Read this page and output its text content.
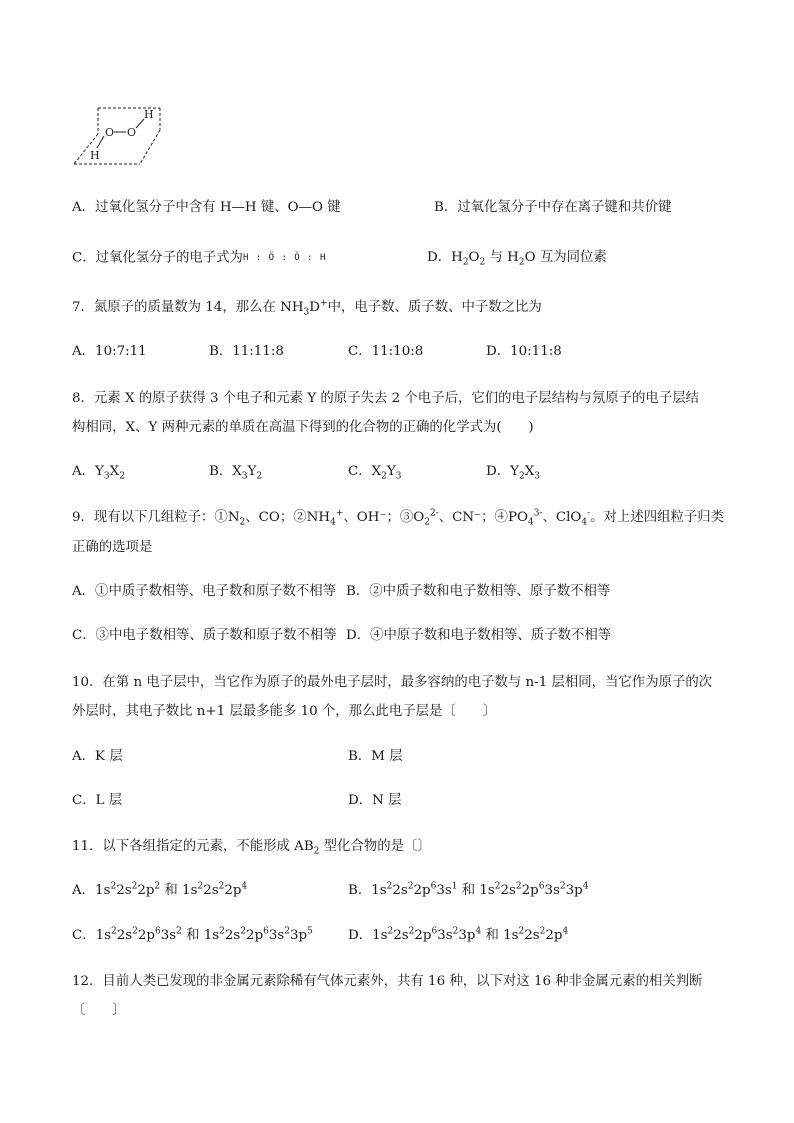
H
O O
H
A．过氧化氢分子中含有 H—H 键、O—O 键	B．过氧化氢分子中存在离子键和共价键
C．过氧化氢分子的电子式为H : Ö : Ö : H	D．$H_2O_2$ 与 $H_2O$ 互为同位素
7．氮原子的质量数为 14，那么在 $NH_3D^+$中，电子数、质子数、中子数之比为
A．10:7:11	B．11:11:8	C．11:10:8	D．10:11:8
8．元素 X 的原子获得 3 个电子和元素 Y 的原子失去 2 个电子后，它们的电子层结构与氖原子的电子层结
构相同，X、Y 两种元素的单质在高温下得到的化合物的正确的化学式为(　　)
A．$Y_3X_2$	B．$X_3Y_2$	C．$X_2Y_3$	D．$Y_2X_3$
9．现有以下几组粒子：$①N_2$、CO；$②NH_4^+$、OH⁻；$③O_2^{2-}$、CN⁻；$④PO_4^{3-}$、ClO$_4$-。对上述四组粒子归类
正确的选项是
A．①中质子数相等、电子数和原子数不相等 B．②中质子数和电子数相等、原子数不相等
C．③中电子数相等、质子数和原子数不相等 D．④中原子数和电子数相等、质子数不相等
10．在第 n 电子层中，当它作为原子的最外电子层时，最多容纳的电子数与 n-1 层相同，当它作为原子的次
外层时，其电子数比 n+1 层最多能多 10 个，那么此电子层是〔　　〕
A．K 层	B．M 层
C．L 层	D．N 层
11．以下各组指定的元素，不能形成 $AB_2$ 型化合物的是〔〕
A．$1s^22s^22p^2$ 和 $1s^22s^22p^4$	B．$1s^22s^22p^63s^1$ 和 $1s^22s^22p^63s^23p^4$
C．$1s^22s^22p^63s^2$ 和 $1s^22s^22p^63s^23p^5$	D．$1s^22s^22p^63s^23p^4$ 和 $1s^22s^22p^4$
12．目前人类已发现的非金属元素除稀有气体元素外，共有 16 种，以下对这 16 种非金属元素的相关判断
〔　　〕
